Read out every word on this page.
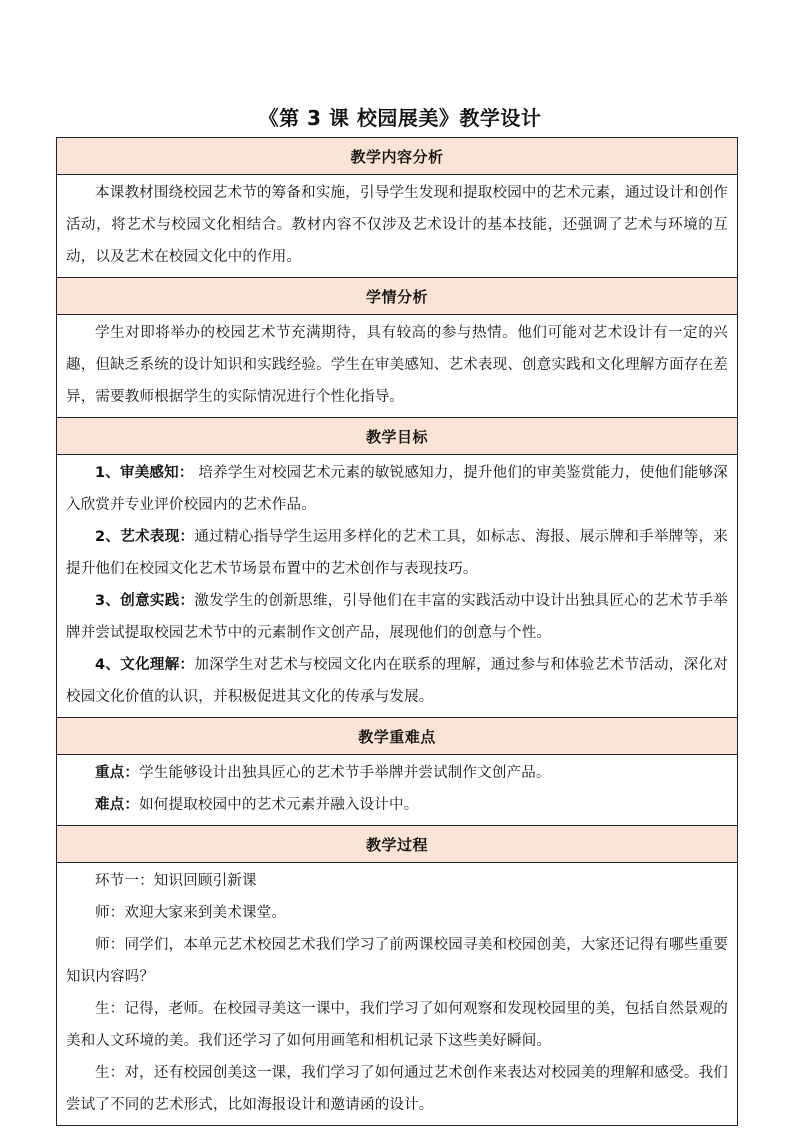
《第 3 课 校园展美》教学设计
教学内容分析

本课教材围绕校园艺术节的筹备和实施，引导学生发现和提取校园中的艺术元素，通过设计和创作活动，将艺术与校园文化相结合。教材内容不仅涉及艺术设计的基本技能，还强调了艺术与环境的互动，以及艺术在校园文化中的作用。

学情分析

学生对即将举办的校园艺术节充满期待，具有较高的参与热情。他们可能对艺术设计有一定的兴趣，但缺乏系统的设计知识和实践经验。学生在审美感知、艺术表现、创意实践和文化理解方面存在差异，需要教师根据学生的实际情况进行个性化指导。

教学目标

1、审美感知： 培养学生对校园艺术元素的敏锐感知力，提升他们的审美鉴赏能力，使他们能够深入欣赏并专业评价校园内的艺术作品。

2、艺术表现：通过精心指导学生运用多样化的艺术工具，如标志、海报、展示牌和手举牌等，来提升他们在校园文化艺术节场景布置中的艺术创作与表现技巧。

3、创意实践：激发学生的创新思维，引导他们在丰富的实践活动中设计出独具匠心的艺术节手举牌并尝试提取校园艺术节中的元素制作文创产品，展现他们的创意与个性。

4、文化理解：加深学生对艺术与校园文化内在联系的理解，通过参与和体验艺术节活动，深化对校园文化价值的认识，并积极促进其文化的传承与发展。

教学重难点

重点：学生能够设计出独具匠心的艺术节手举牌并尝试制作文创产品。

难点：如何提取校园中的艺术元素并融入设计中。

教学过程

环节一：知识回顾引新课

师：欢迎大家来到美术课堂。

师：同学们，本单元艺术校园艺术我们学习了前两课校园寻美和校园创美，大家还记得有哪些重要知识内容吗？

生：记得，老师。在校园寻美这一课中，我们学习了如何观察和发现校园里的美，包括自然景观的美和人文环境的美。我们还学习了如何用画笔和相机记录下这些美好瞬间。

生：对，还有校园创美这一课，我们学习了如何通过艺术创作来表达对校园美的理解和感受。我们尝试了不同的艺术形式，比如海报设计和邀请函的设计。
